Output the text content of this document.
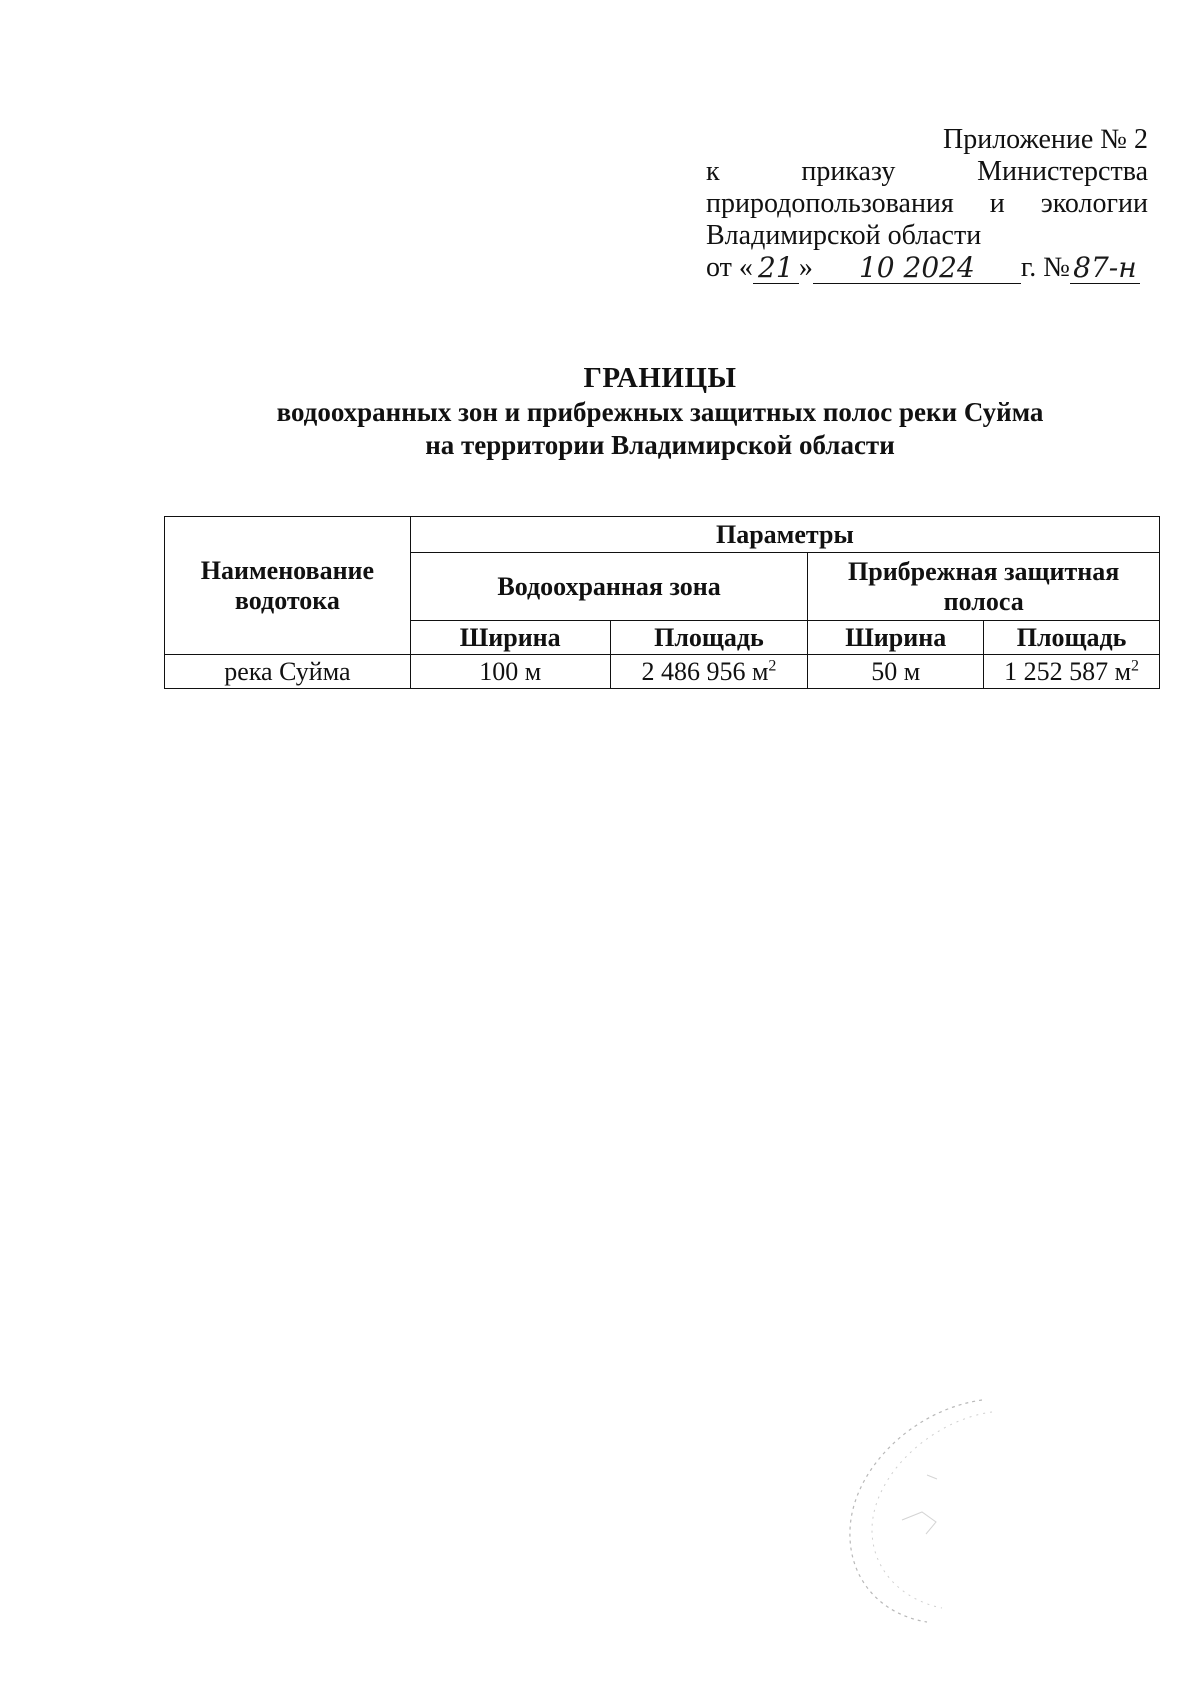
Приложение № 2
к	приказу	Министерства
природопользования и экологии
Владимирской области
от « 21 »	10 2024	г. № 87-н
ГРАНИЦЫ
водоохранных зон и прибрежных защитных полос реки Суйма
на территории Владимирской области
Наименование водотока	Параметры			
	Водоохранная зона		Прибрежная защитная полоса	
	Ширина	Площадь	Ширина	Площадь
река Суйма	100 м	2 486 956 $м^2$	50 м	1 252 587 $м^2$
